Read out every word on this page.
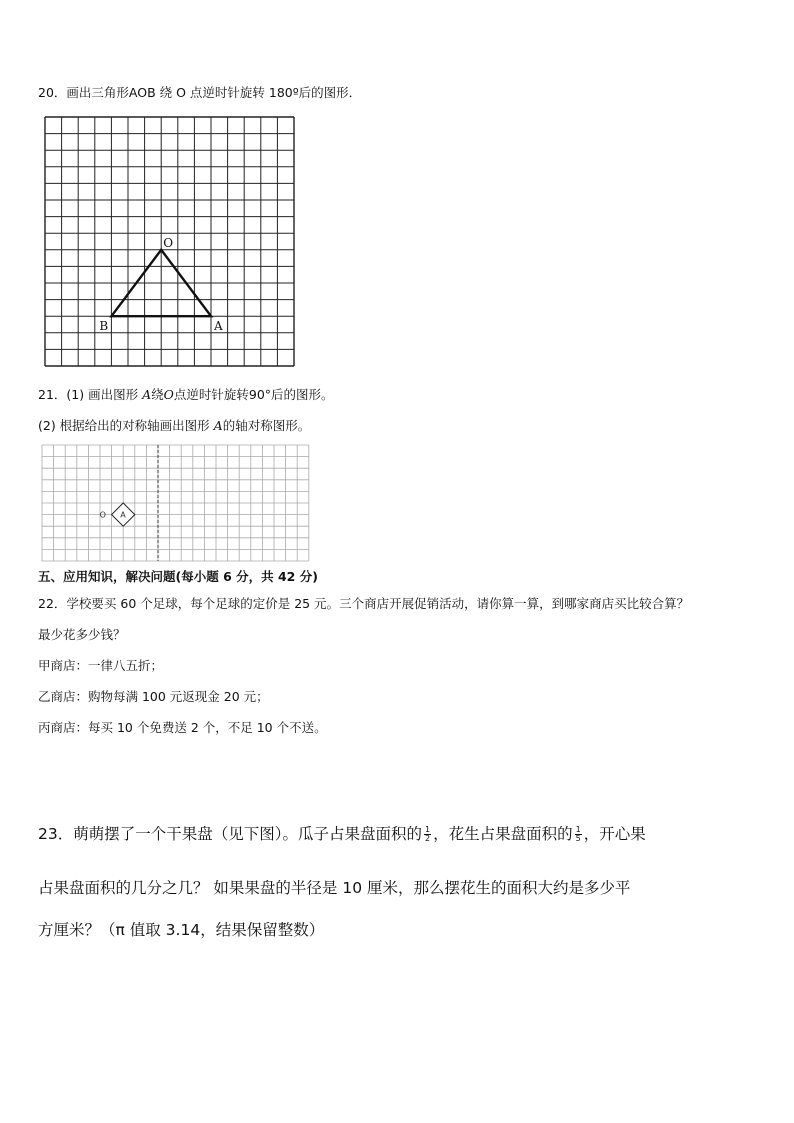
20．画出三角形AOB 绕 O 点逆时针旋转 180º后的图形．
O
B	A
21．(1) 画出图形 A绕O点逆时针旋转90°后的图形。
(2) 根据给出的对称轴画出图形 A的轴对称图形。
O A
五、应用知识，解决问题(每小题 6 分，共 42 分)
22．学校要买 60 个足球，每个足球的定价是 25 元。三个商店开展促销活动，请你算一算，到哪家商店买比较合算？
最少花多少钱？
甲商店：一律八五折；
乙商店：购物每满 100 元返现金 20 元；
丙商店：每买 10 个免费送 2 个，不足 10 个不送。
23．萌萌摆了一个干果盘（见下图）。瓜子占果盘面积的 $\frac{1}{2}$ ，花生占果盘面积的 $\frac{1}{5}$ ，开心果
占果盘面积的几分之几？ 如果果盘的半径是 10 厘米，那么摆花生的面积大约是多少平
方厘米？（π 值取 3.14，结果保留整数）
